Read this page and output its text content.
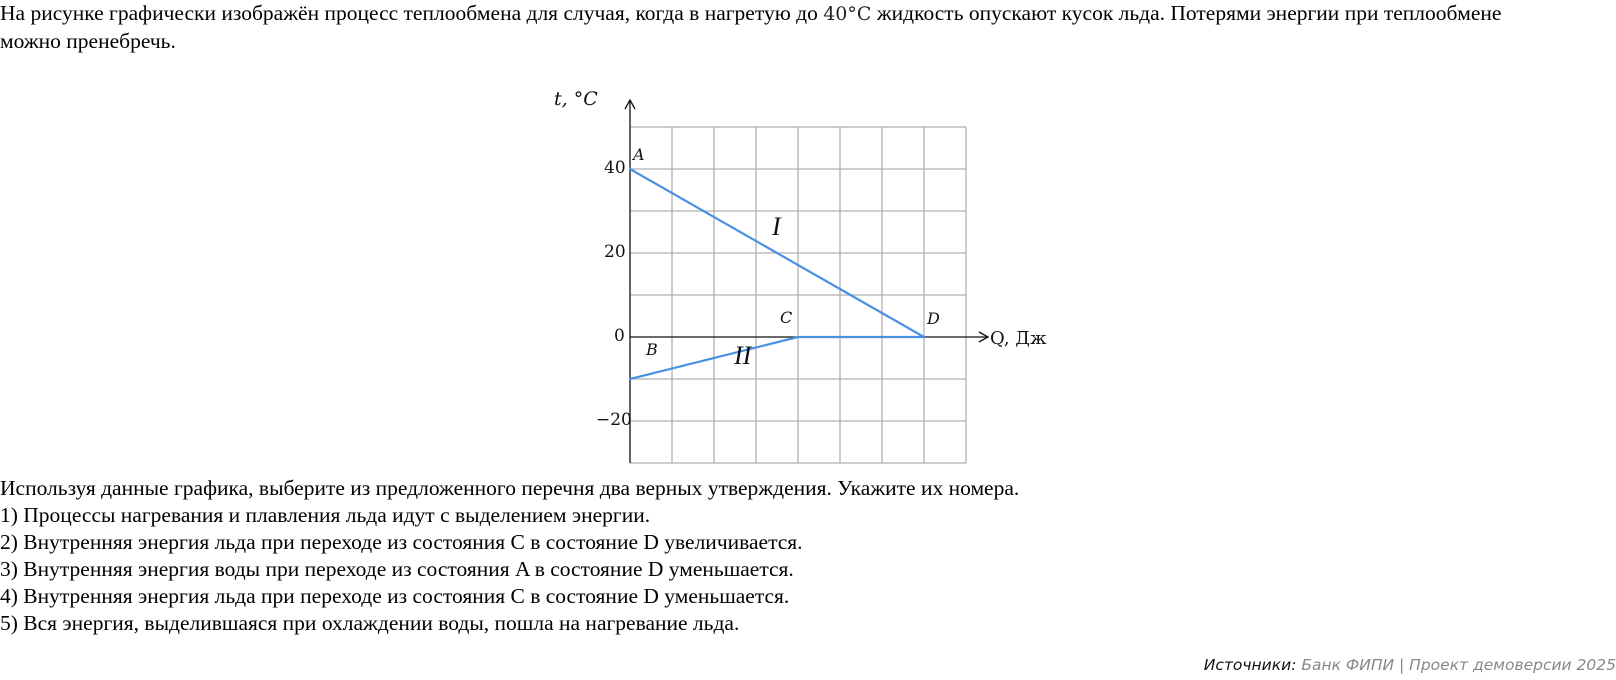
На рисунке графически изображён процесс теплообмена для случая, когда в нагретую до 40°C жидкость опускают кусок льда. Потерями энергии при теплообмене можно пренебречь.
t, °C
40
20
0
−20
A
B
C	D
I
II
Q, Дж
Используя данные графика, выберите из предложенного перечня два верных утверждения. Укажите их номера.
1) Процессы нагревания и плавления льда идут с выделением энергии.
2) Внутренняя энергия льда при переходе из состояния C в состояние D увеличивается.
3) Внутренняя энергия воды при переходе из состояния A в состояние D уменьшается.
4) Внутренняя энергия льда при переходе из состояния C в состояние D уменьшается.
5) Вся энергия, выделившаяся при охлаждении воды, пошла на нагревание льда.
Источники: Банк ФИПИ | Проект демоверсии 2025
